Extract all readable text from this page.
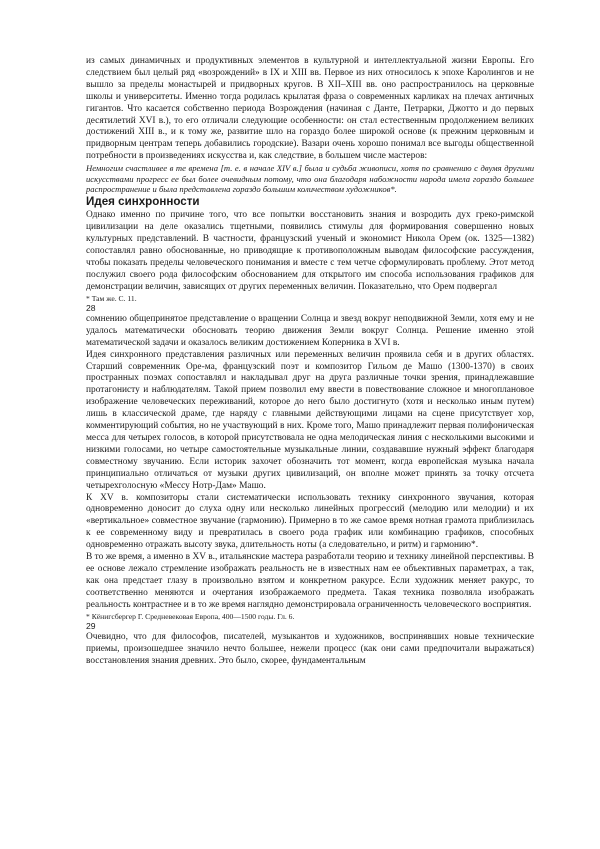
из самых динамичных и продуктивных элементов в культурной и интеллектуальной жизни Европы. Его следствием был целый ряд «возрождений» в IX и XIII вв. Первое из них относилось к эпохе Каролингов и не вышло за пределы монастырей и придворных кругов. В XII–XIII вв. оно распространилось на церковные школы и университеты. Именно тогда родилась крылатая фраза о современных карликах на плечах античных гигантов. Что касается собственно периода Возрождения (начиная с Данте, Петрарки, Джотто и до первых десятилетий XVI в.), то его отличали следующие особенности: он стал естественным продолжением великих достижений XIII в., и к тому же, развитие шло на гораздо более широкой основе (к прежним церковным и придворным центрам теперь добавились городские). Вазари очень хорошо понимал все выгоды общественной потребности в произведениях искусства и, как следствие, в большем числе мастеров:

Немногим счастливее в те времена [т. е. в начале XIV в.] была и судьба живописи, хотя по сравнению с двумя другими искусствами прогресс ее был более очевидным потому, что она благодаря набожности народа имела гораздо большее распространение и была представлена гораздо большим количеством художников*.

Идея синхронности

Однако именно по причине того, что все попытки восстановить знания и возродить дух греко-римской цивилизации на деле оказались тщетными, появились стимулы для формирования совершенно новых культурных представлений. В частности, французский ученый и экономист Никола Орем (ок. 1325—1382) сопоставлял равно обоснованные, но приводящие к противоположным выводам философские рассуждения, чтобы показать пределы человеческого понимания и вместе с тем четче сформулировать проблему. Этот метод послужил своего рода философским обоснованием для открытого им способа использования графиков для демонстрации величин, зависящих от других переменных величин. Показательно, что Орем подвергал

* Там же. С. 11.
28

сомнению общепринятое представление о вращении Солнца и звезд вокруг неподвижной Земли, хотя ему и не удалось математически обосновать теорию движения Земли вокруг Солнца. Решение именно этой математической задачи и оказалось великим достижением Коперника в XVI в.

Идея синхронного представления различных или переменных величин проявила себя и в других областях. Старший современник Оре-ма, французский поэт и композитор Гильом де Машо (1300-1370) в своих пространных поэмах сопоставлял и накладывал друг на друга различные точки зрения, принадлежавшие протагонисту и наблюдателям. Такой прием позволил ему ввести в повествование сложное и многоплановое изображение человеческих переживаний, которое до него было достигнуто (хотя и несколько иным путем) лишь в классической драме, где наряду с главными действующими лицами на сцене присутствует хор, комментирующий события, но не участвующий в них. Кроме того, Машо принадлежит первая полифоническая месса для четырех голосов, в которой присутствовала не одна мелодическая линия с несколькими высокими и низкими голосами, но четыре самостоятельные музыкальные линии, создававшие нужный эффект благодаря совместному звучанию. Если историк захочет обозначить тот момент, когда европейская музыка начала принципиально отличаться от музыки других цивилизаций, он вполне может принять за точку отсчета четырехголосную «Мессу Нотр-Дам» Машо.

К XV в. композиторы стали систематически использовать технику синхронного звучания, которая одновременно доносит до слуха одну или несколько линейных прогрессий (мелодию или мелодии) и их «вертикальное» совместное звучание (гармонию). Примерно в то же самое время нотная грамота приблизилась к ее современному виду и превратилась в своего рода график или комбинацию графиков, способных одновременно отражать высоту звука, длительность ноты (а следовательно, и ритм) и гармонию*.

В то же время, а именно в XV в., итальянские мастера разработали теорию и технику линейной перспективы. В ее основе лежало стремление изображать реальность не в известных нам ее объективных параметрах, а так, как она предстает глазу в произвольно взятом и конкретном ракурсе. Если художник меняет ракурс, то соответственно меняются и очертания изображаемого предмета. Такая техника позволяла изображать реальность контрастнее и в то же время наглядно демонстрировала ограниченность человеческого восприятия.

* Кёнигсбергер Г. Средневековая Европа, 400—1500 годы. Гл. 6.
29

Очевидно, что для философов, писателей, музыкантов и художников, воспринявших новые технические приемы, произошедшее значило нечто большее, нежели процесс (как они сами предпочитали выражаться) восстановления знания древних. Это было, скорее, фундаментальным
